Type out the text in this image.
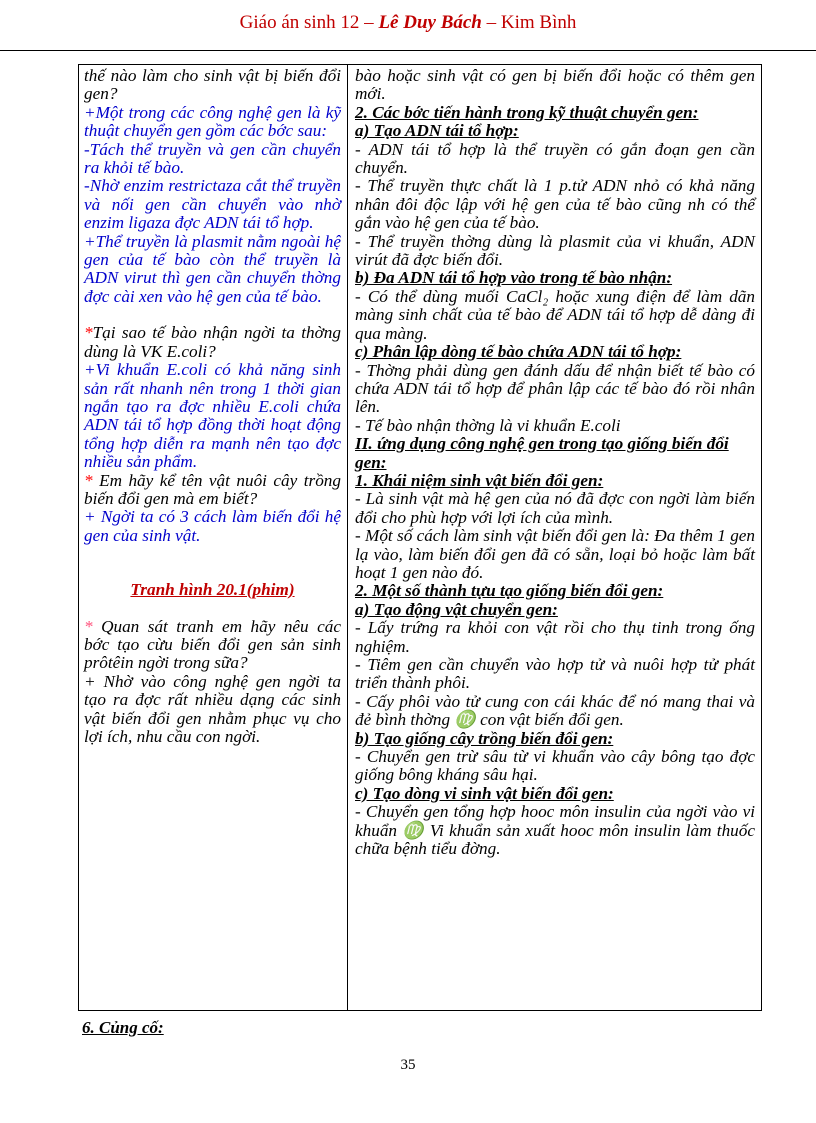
Giáo án sinh 12 – Lê Duy Bách – Kim Bình

thế nào làm cho sinh vật bị biến đổi gen?

+Một trong các công nghệ gen là kỹ thuật chuyển gen gồm các bớc sau:

-Tách thể truyền và gen cần chuyển ra khỏi tế bào.

-Nhờ enzim restrictaza cắt thể truyền và nối gen cần chuyển vào nhờ enzim ligaza đợc ADN tái tổ hợp.

+Thể truyền là plasmit nằm ngoài hệ gen của tế bào còn thể truyền là ADN virut thì gen cần chuyển thờng đợc cài xen vào hệ gen của tế bào.

*Tại sao tế bào nhận ngời ta thờng dùng là VK E.coli?

+Vi khuẩn E.coli có khả năng sinh sản rất nhanh nên trong 1 thời gian ngắn tạo ra đợc nhiều E.coli chứa ADN tái tổ hợp đồng thời hoạt động tổng hợp diễn ra mạnh nên tạo đợc nhiều sản phẩm.

* Em hãy kể tên vật nuôi cây trồng biến đổi gen mà em biết?

+ Ngời ta có 3 cách làm biến đổi hệ gen của sinh vật.

Tranh hình 20.1(phim)

* Quan sát tranh em hãy nêu các bớc tạo cừu biến đổi gen sản sinh prôtêin ngời trong sữa?

+ Nhờ vào công nghệ gen ngời ta tạo ra đợc rất nhiều dạng các sinh vật biến đổi gen nhằm phục vụ cho lợi ích, nhu cầu con ngời.

bào hoặc sinh vật có gen bị biến đổi hoặc có thêm gen mới.

2. Các bớc tiến hành trong kỹ thuật chuyển gen:

a) Tạo ADN tái tổ hợp:

- ADN tái tổ hợp là thể truyền có gắn đoạn gen cần chuyển.

- Thể truyền thực chất là 1 p.tử ADN nhỏ có khả năng nhân đôi độc lập với hệ gen của tế bào cũng nh có thể gắn vào hệ gen của tế bào.

- Thể truyền thờng dùng là plasmit của vi khuẩn, ADN virút đã đợc biến đổi.

b) Đa ADN tái tổ hợp vào trong tế bào nhận:

- Có thể dùng muối CaCl₂ hoặc xung điện để làm dãn màng sinh chất của tế bào để ADN tái tổ hợp dễ dàng đi qua màng.

c) Phân lập dòng tế bào chứa ADN tái tổ hợp:

- Thờng phải dùng gen đánh dấu để nhận biết tế bào có chứa ADN tái tổ hợp để phân lập các tế bào đó rồi nhân lên.

- Tế bào nhận thờng là vi khuẩn E.coli

II. ứng dụng công nghệ gen trong tạo giống biến đổi gen:

1. Khái niệm sinh vật biến đổi gen:

- Là sinh vật mà hệ gen của nó đã đợc con ngời làm biến đổi cho phù hợp với lợi ích của mình.

- Một số cách làm sinh vật biến đổi gen là: Đa thêm 1 gen lạ vào, làm biến đổi gen đã có sẵn, loại bỏ hoặc làm bất hoạt 1 gen nào đó.

2. Một số thành tựu tạo giống biến đổi gen:

a) Tạo động vật chuyển gen:

- Lấy trứng ra khỏi con vật rồi cho thụ tinh trong ống nghiệm.

- Tiêm gen cần chuyển vào hợp tử và nuôi hợp tử phát triển thành phôi.

- Cấy phôi vào tử cung con cái khác để nó mang thai và đẻ bình thờng ♍ con vật biến đổi gen.

b) Tạo giống cây trồng biến đổi gen:

- Chuyển gen trừ sâu từ vi khuẩn vào cây bông tạo đợc giống bông kháng sâu hại.

c) Tạo dòng vi sinh vật biến đổi gen:

- Chuyển gen tổng hợp hooc môn insulin của ngời vào vi khuẩn ♍ Vi khuẩn sản xuất hooc môn insulin làm thuốc chữa bệnh tiểu đờng.

6. Củng cố:
35
